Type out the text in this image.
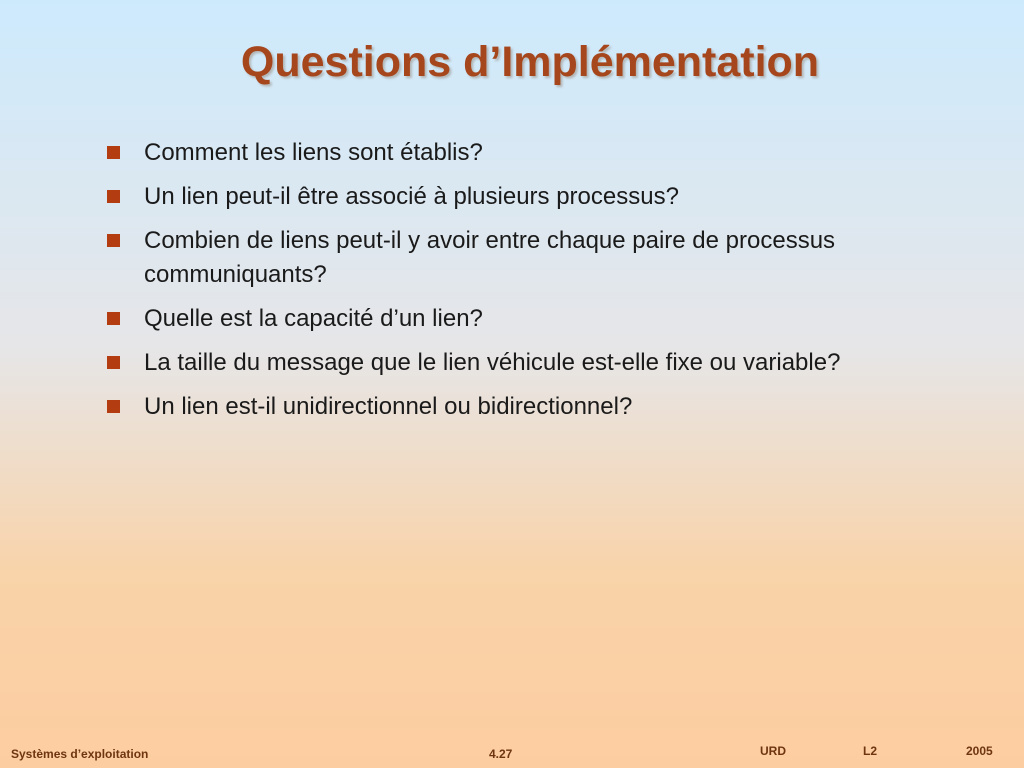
Questions d’Implémentation
Comment les liens sont établis?
Un lien peut-il être associé à plusieurs processus?
Combien de liens peut-il y avoir entre chaque paire de processus communiquants?
Quelle est la capacité d’un lien?
La taille du message que le lien véhicule est-elle fixe ou variable?
Un lien est-il unidirectionnel ou bidirectionnel?
Systèmes d’exploitation	4.27	URD	L2	2005
